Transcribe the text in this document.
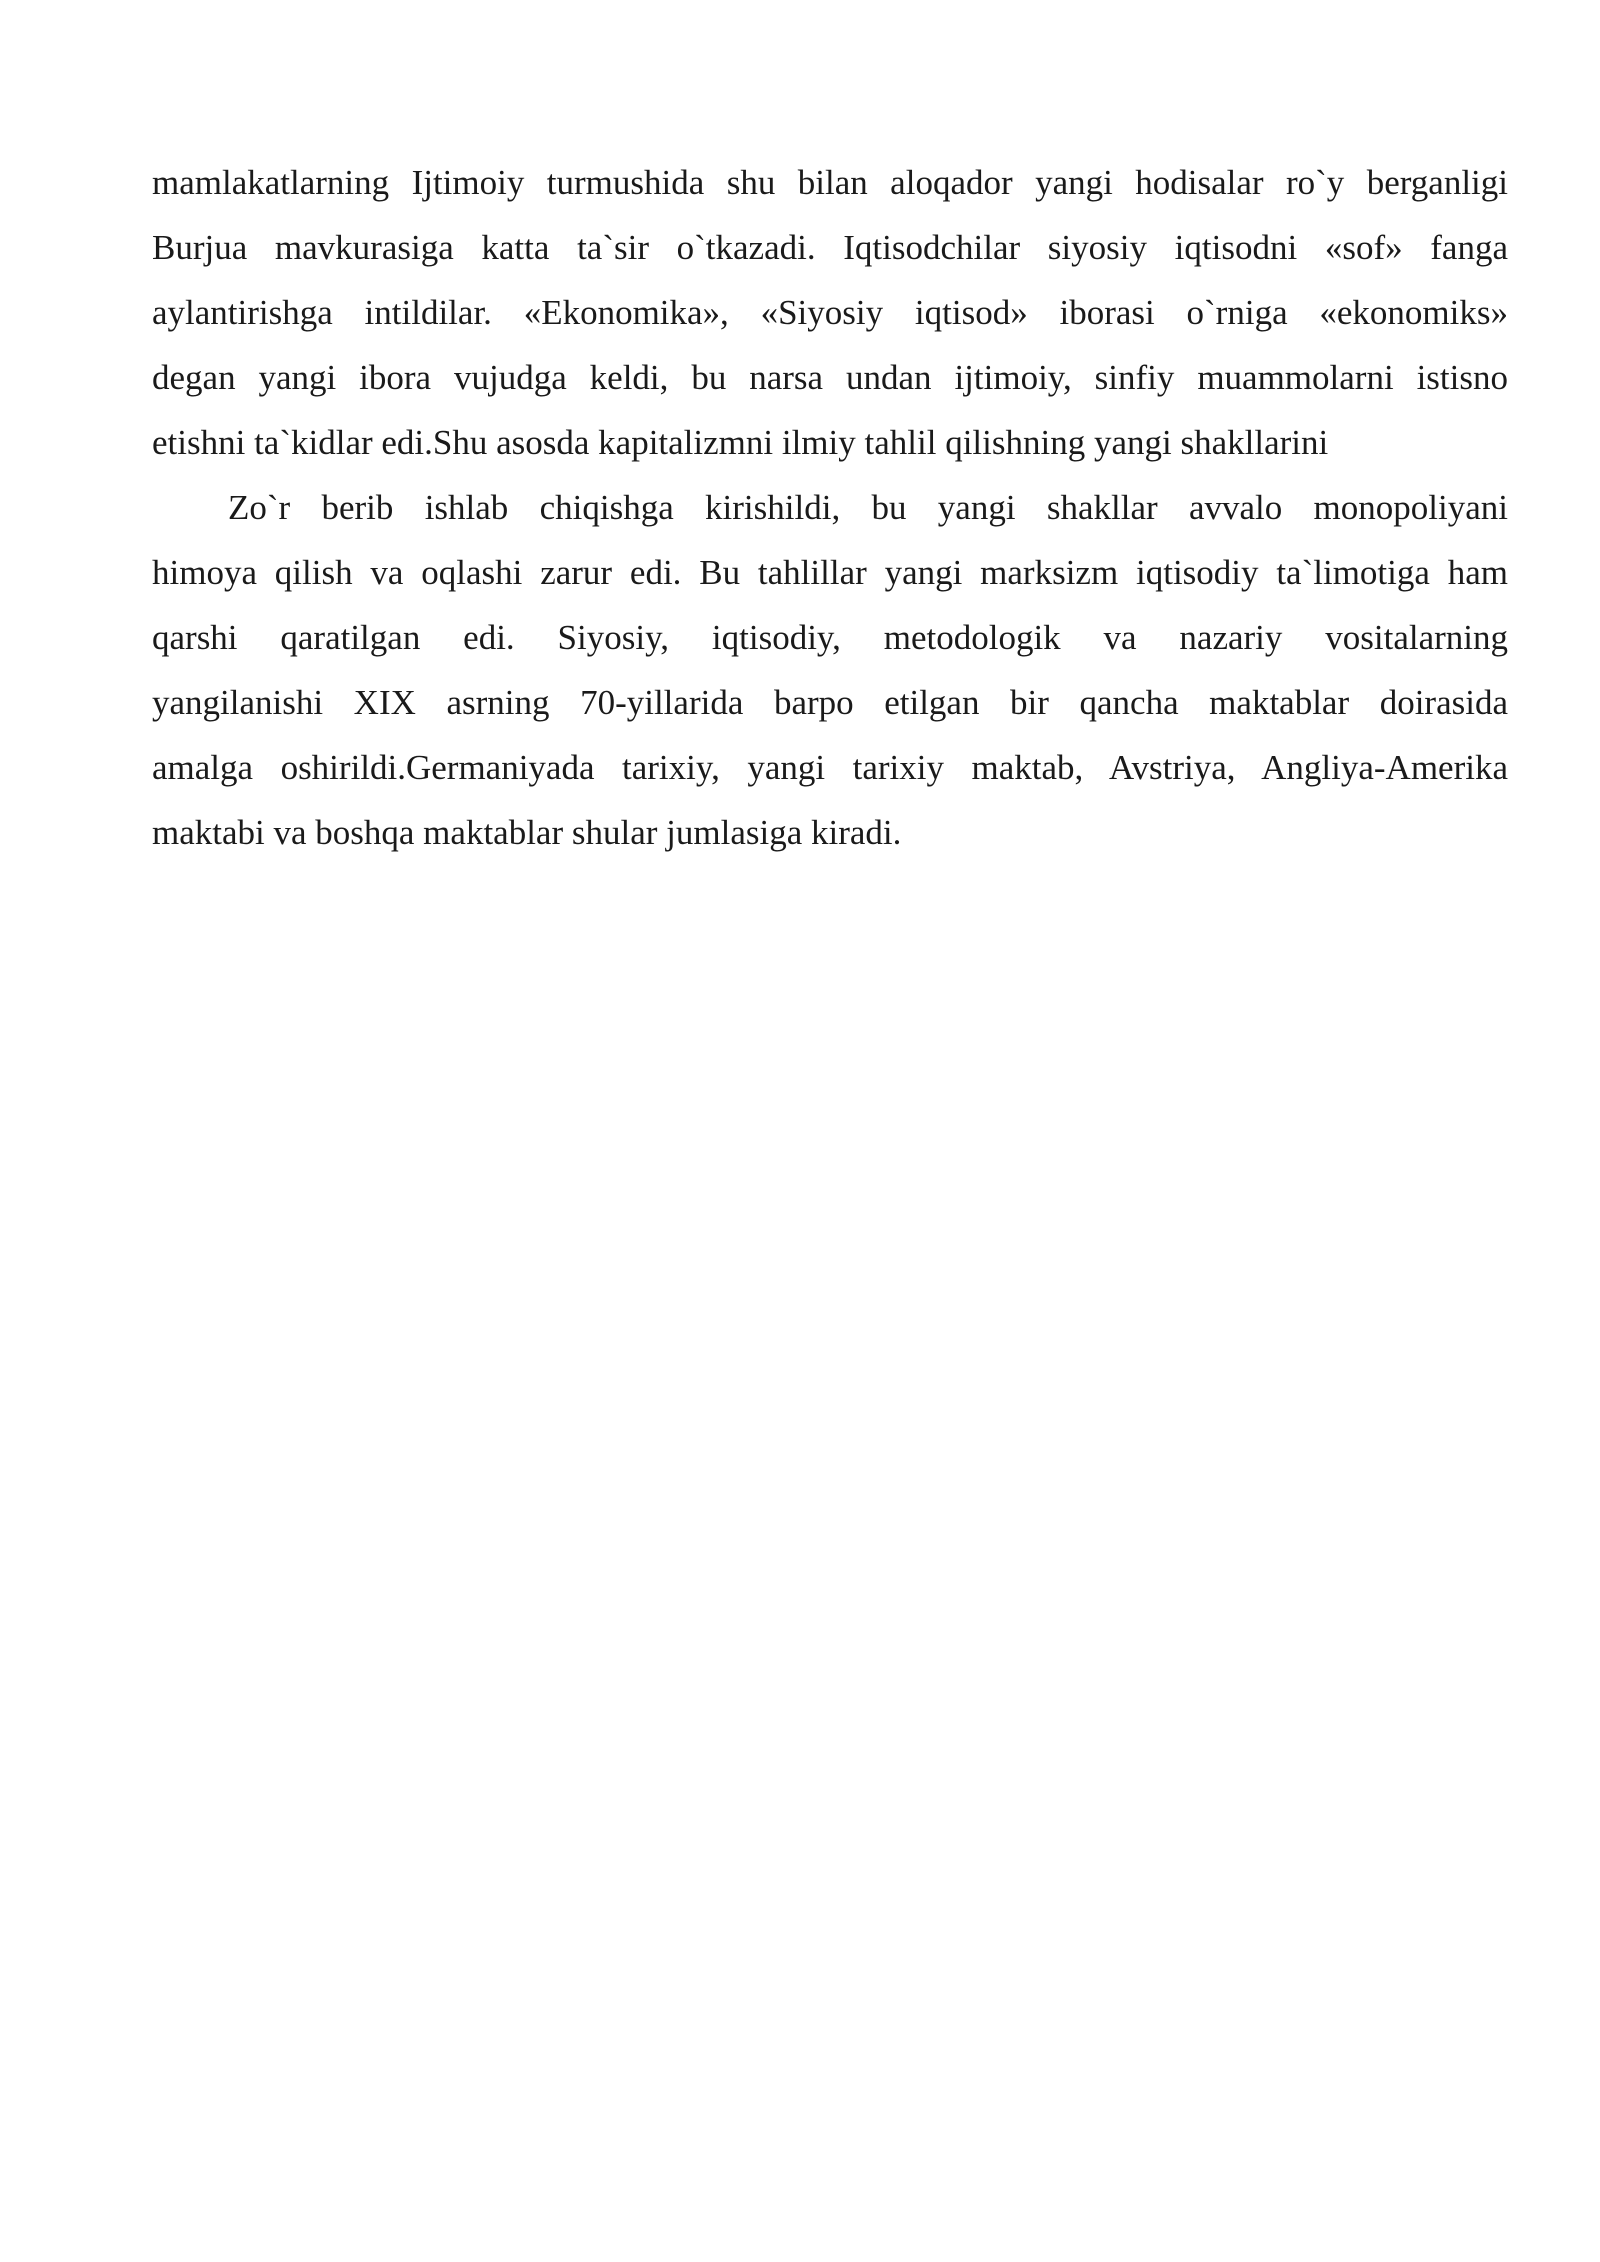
mamlakatlarning Ijtimoiy turmushida shu bilan aloqador yangi hodisalar ro`y berganligi
Burjua mavkurasiga katta ta`sir o`tkazadi. Iqtisodchilar siyosiy iqtisodni «sof» fanga
aylantirishga intildilar. «Ekonomika», «Siyosiy iqtisod» iborasi o`rniga «ekonomiks»
degan yangi ibora vujudga keldi, bu narsa undan ijtimoiy, sinfiy muammolarni istisno
etishni ta`kidlar edi.Shu asosda kapitalizmni ilmiy tahlil qilishning yangi shakllarini
Zo`r berib ishlab chiqishga kirishildi, bu yangi shakllar avvalo monopoliyani
himoya qilish va oqlashi zarur edi. Bu tahlillar yangi marksizm iqtisodiy ta`limotiga ham
qarshi qaratilgan edi. Siyosiy, iqtisodiy, metodologik va nazariy vositalarning
yangilanishi XIX asrning 70-yillarida barpo etilgan bir qancha maktablar doirasida
amalga oshirildi.Germaniyada tarixiy, yangi tarixiy maktab, Avstriya, Angliya-Amerika
maktabi va boshqa maktablar shular jumlasiga kiradi.
